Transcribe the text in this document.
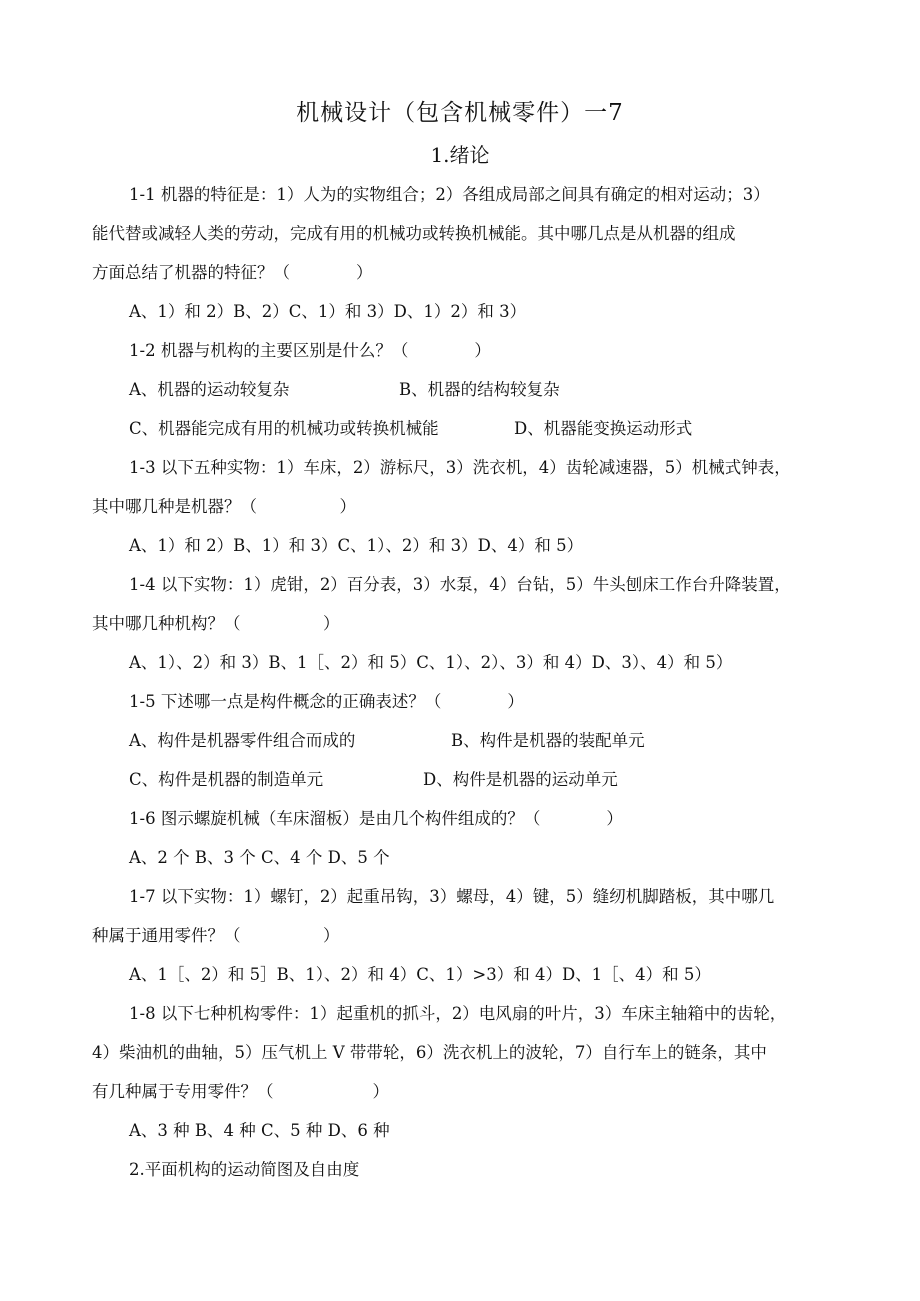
机械设计（包含机械零件）一7
1.绪论
1-1 机器的特征是：1）人为的实物组合；2）各组成局部之间具有确定的相对运动；3）
能代替或减轻人类的劳动，完成有用的机械功或转换机械能。其中哪几点是从机器的组成
方面总结了机器的特征？（　　　　）
A、1）和 2）B、2）C、1）和 3）D、1）2）和 3）
1-2 机器与机构的主要区别是什么？（　　　　）
A、机器的运动较复杂	B、机器的结构较复杂
C、机器能完成有用的机械功或转换机械能	D、机器能变换运动形式
1-3 以下五种实物：1）车床，2）游标尺，3）洗衣机，4）齿轮减速器，5）机械式钟表，
其中哪几种是机器？（　　　　　）
A、1）和 2）B、1）和 3）C、1）、2）和 3）D、4）和 5）
1-4 以下实物：1）虎钳，2）百分表，3）水泵，4）台钻，5）牛头刨床工作台升降装置，
其中哪几种机构？（　　　　　）
A、1）、2）和 3）B、1［、2）和 5）C、1）、2）、3）和 4）D、3）、4）和 5）
1-5 下述哪一点是构件概念的正确表述？（　　　　）
A、构件是机器零件组合而成的	B、构件是机器的装配单元
C、构件是机器的制造单元	D、构件是机器的运动单元
1-6 图示螺旋机械（车床溜板）是由几个构件组成的？（　　　　）
A、2 个 B、3 个 C、4 个 D、5 个
1-7 以下实物：1）螺钉，2）起重吊钩，3）螺母，4）键，5）缝纫机脚踏板，其中哪几
种属于通用零件？（　　　　　）
A、1［、2）和 5］B、1）、2）和 4）C、1）>3）和 4）D、1［、4）和 5）
1-8 以下七种机构零件：1）起重机的抓斗，2）电风扇的叶片，3）车床主轴箱中的齿轮，
4）柴油机的曲轴，5）压气机上 V 带带轮，6）洗衣机上的波轮，7）自行车上的链条，其中
有几种属于专用零件？（　　　　　　）
A、3 种 B、4 种 C、5 种 D、6 种
2.平面机构的运动简图及自由度
